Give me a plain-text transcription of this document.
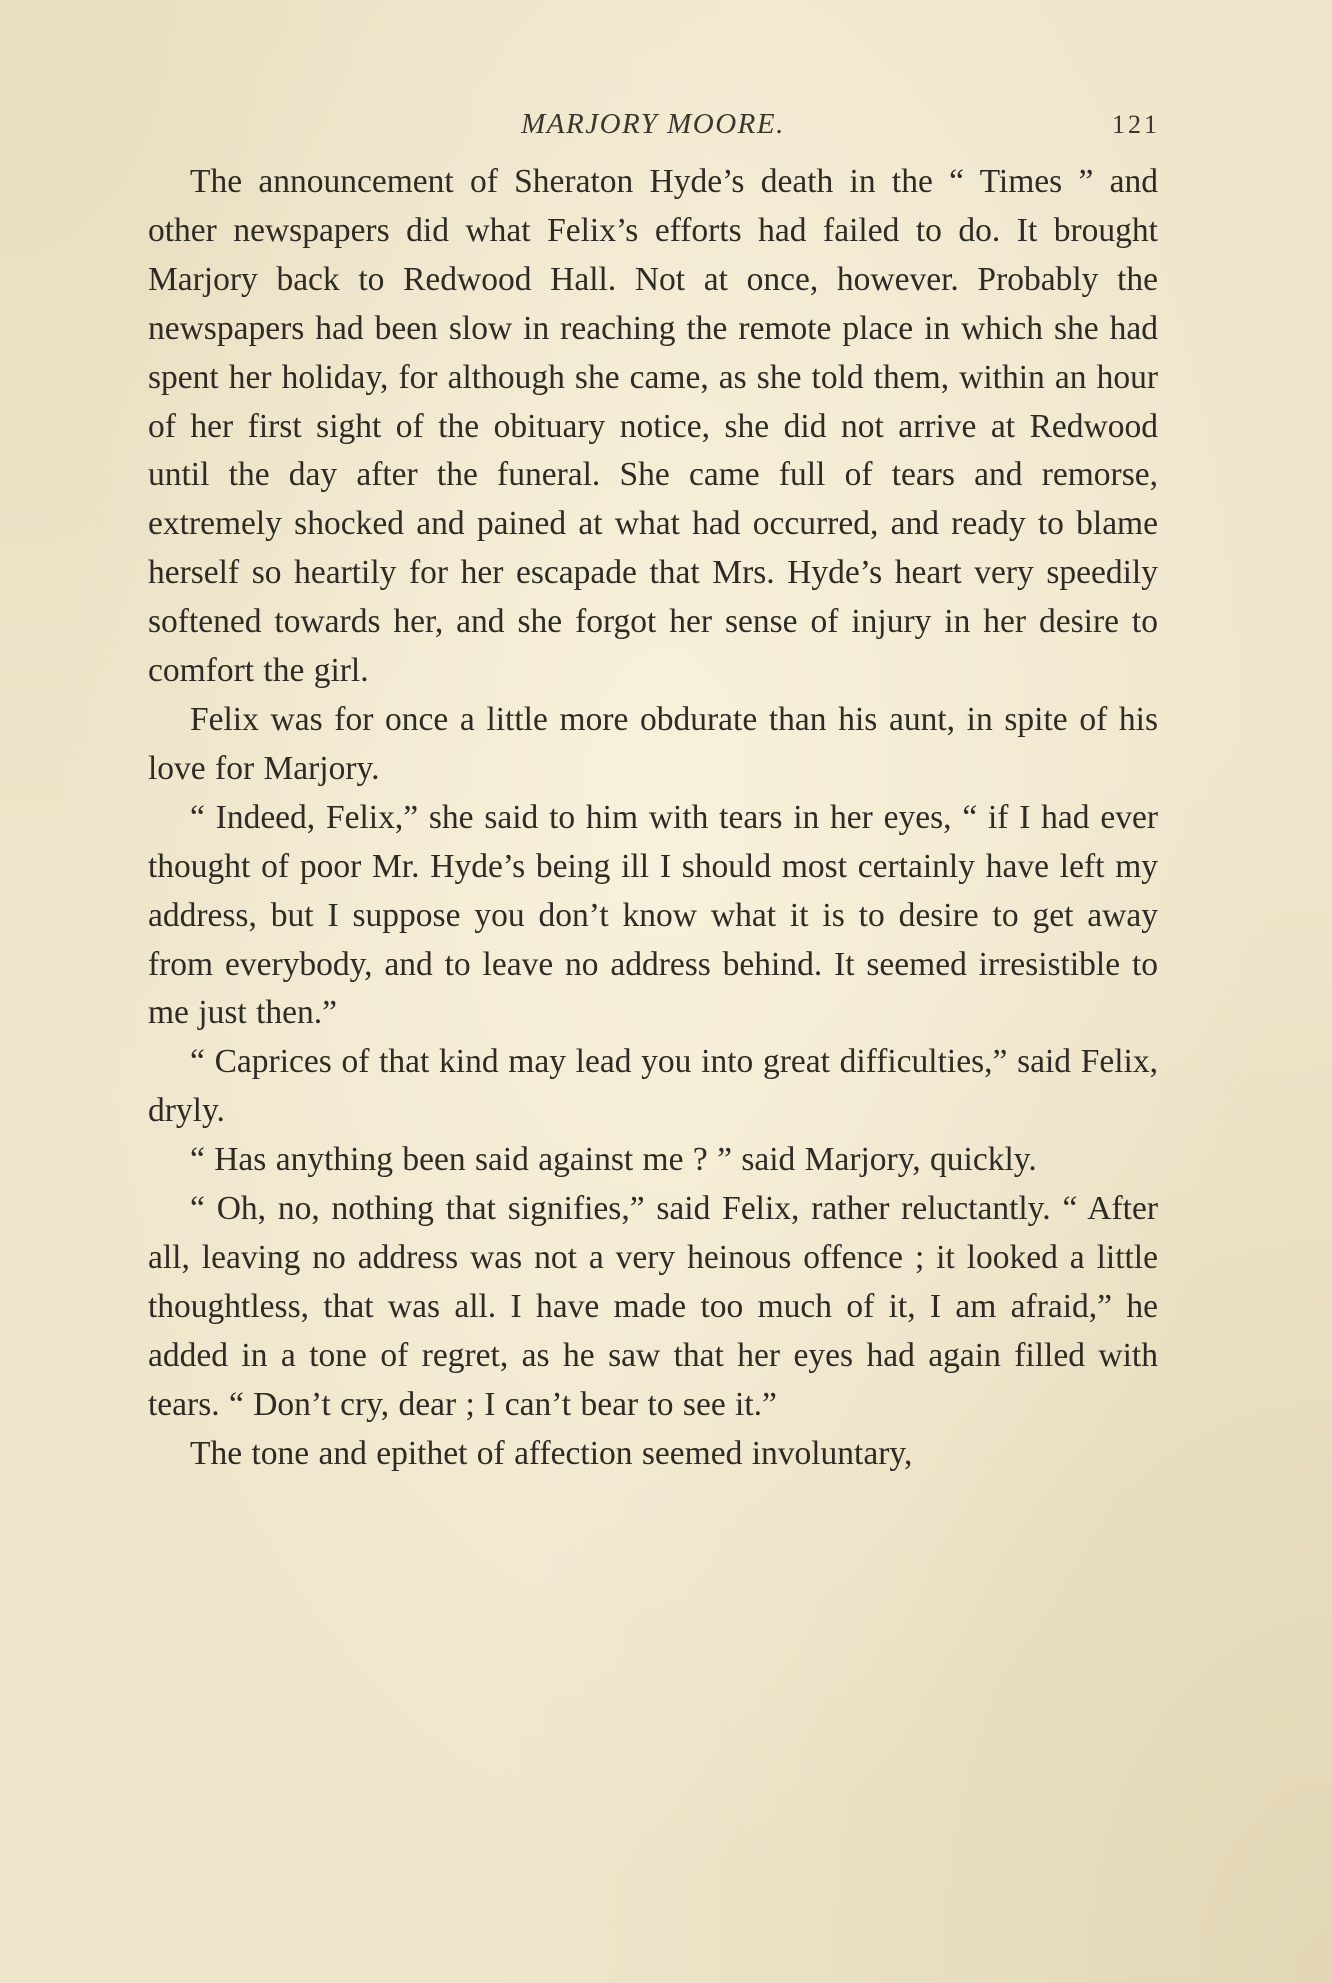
MARJORY MOORE.	121

The announcement of Sheraton Hyde’s death in the “ Times ” and other newspapers did what Felix’s efforts had failed to do. It brought Marjory back to Redwood Hall. Not at once, however. Probably the newspapers had been slow in reaching the remote place in which she had spent her holiday, for although she came, as she told them, within an hour of her first sight of the obituary notice, she did not arrive at Redwood until the day after the funeral. She came full of tears and remorse, extremely shocked and pained at what had occurred, and ready to blame herself so heartily for her escapade that Mrs. Hyde’s heart very speedily softened towards her, and she forgot her sense of injury in her desire to comfort the girl.

Felix was for once a little more obdurate than his aunt, in spite of his love for Marjory.

“ Indeed, Felix,” she said to him with tears in her eyes, “ if I had ever thought of poor Mr. Hyde’s being ill I should most certainly have left my address, but I suppose you don’t know what it is to desire to get away from everybody, and to leave no address behind. It seemed irresistible to me just then.”

“ Caprices of that kind may lead you into great difficulties,” said Felix, dryly.

“ Has anything been said against me ? ” said Marjory, quickly.

“ Oh, no, nothing that signifies,” said Felix, rather reluctantly. “ After all, leaving no address was not a very heinous offence ; it looked a little thoughtless, that was all. I have made too much of it, I am afraid,” he added in a tone of regret, as he saw that her eyes had again filled with tears. “ Don’t cry, dear ; I can’t bear to see it.”

The tone and epithet of affection seemed involuntary,
